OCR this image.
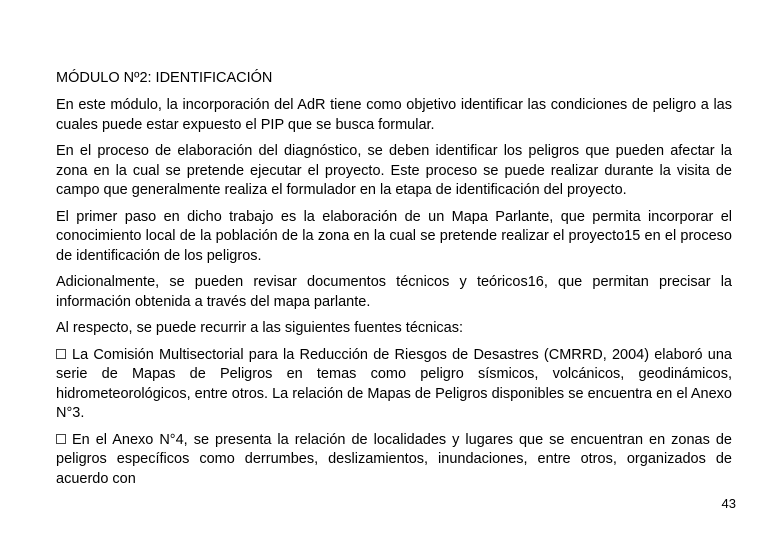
MÓDULO Nº2: IDENTIFICACIÓN

En este módulo, la incorporación del AdR tiene como objetivo identificar las condiciones de peligro a las cuales puede estar expuesto el PIP que se busca formular.

En el proceso de elaboración del diagnóstico, se deben identificar los peligros que pueden afectar la zona en la cual se pretende ejecutar el proyecto. Este proceso se puede realizar durante la visita de campo que generalmente realiza el formulador en la etapa de identificación del proyecto.

El primer paso en dicho trabajo es la elaboración de un Mapa Parlante, que permita incorporar el conocimiento local de la población de la zona en la cual se pretende realizar el proyecto15 en el proceso de identificación de los peligros.

Adicionalmente, se pueden revisar documentos técnicos y teóricos16, que permitan precisar la información obtenida a través del mapa parlante.

Al respecto, se puede recurrir a las siguientes fuentes técnicas:

La Comisión Multisectorial para la Reducción de Riesgos de Desastres (CMRRD, 2004) elaboró una serie de Mapas de Peligros en temas como peligro sísmicos, volcánicos, geodinámicos, hidrometeorológicos, entre otros. La relación de Mapas de Peligros disponibles se encuentra en el Anexo N°3.

En el Anexo N°4, se presenta la relación de localidades y lugares que se encuentran en zonas de peligros específicos como derrumbes, deslizamientos, inundaciones, entre otros, organizados de acuerdo con

43
